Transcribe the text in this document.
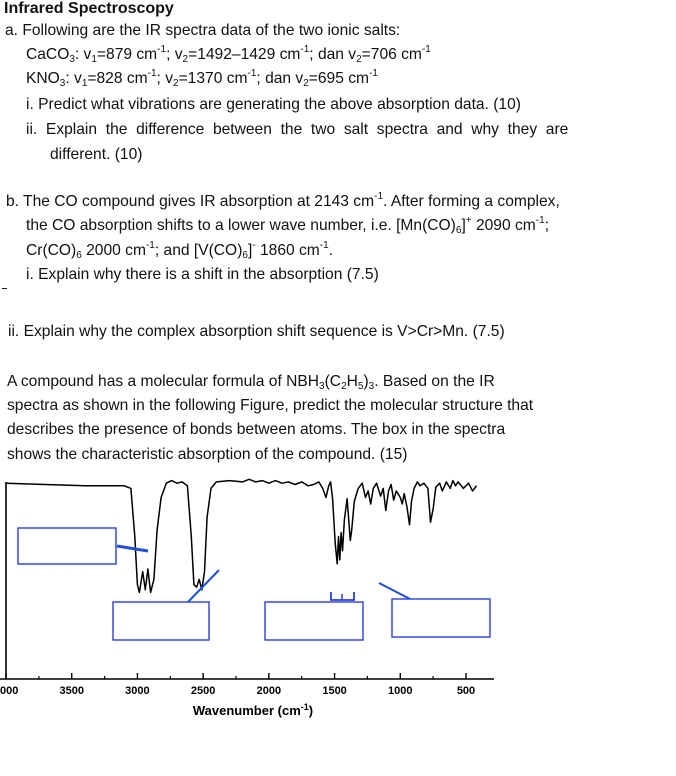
Infrared Spectroscopy
a. Following are the IR spectra data of the two ionic salts:
CaCO$_3$: $v_1=879$ $cm^{-1}$; $v_2=1492-1429$ $cm^{-1}$; dan $v_2=706$ $cm^{-1}$
$KNO_3$: $v_1=828$ $cm^{-1}$; $v_2=1370$ $cm^{-1}$; dan $v_2=695$ $cm^{-1}$
i. Predict what vibrations are generating the above absorption data. (10)
ii.  Explain  the  difference  between  the  two  salt  spectra  and  why  they  are
different. (10)
b. The CO compound gives IR absorption at 2143 $cm^{-1}$. After forming a complex,
the CO absorption shifts to a lower wave number, i.e. $[Mn(CO)_6]^+$ 2090 $cm^{-1}$;
$Cr(CO)_6$ 2000 $cm^{-1}$; and $[V(CO)_6]^-$ 1860 $cm^{-1}$.
i. Explain why there is a shift in the absorption (7.5)
ii. Explain why the complex absorption shift sequence is V>Cr>Mn. (7.5)
A compound has a molecular formula of $NBH_3(C_2H_5)_3$. Based on the IR
spectra as shown in the following Figure, predict the molecular structure that
describes the presence of bonds between atoms. The box in the spectra
shows the characteristic absorption of the compound. (15)
000	3500	3000	2500	2000	1500	1000	500
Wavenumber $(cm^{-1})$
